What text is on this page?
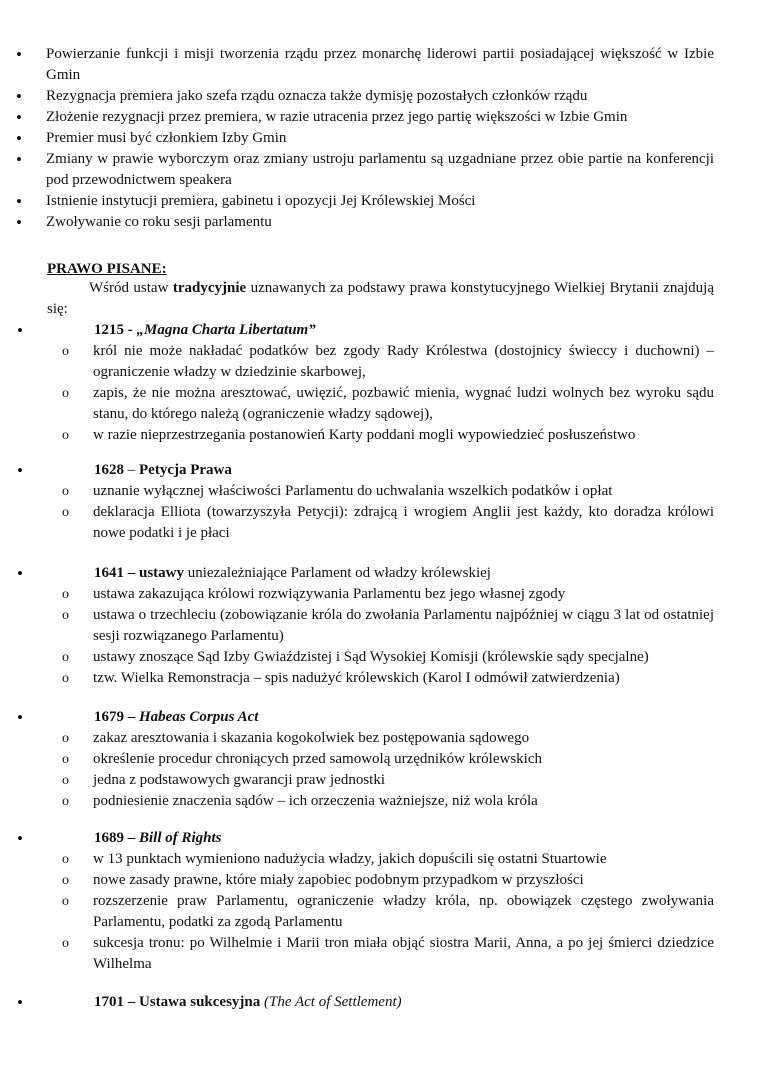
• Powierzanie funkcji i misji tworzenia rządu przez monarchę liderowi partii posiadającej większość w Izbie Gmin
• Rezygnacja premiera jako szefa rządu oznacza także dymisję pozostałych członków rządu
• Złożenie rezygnacji przez premiera, w razie utracenia przez jego partię większości w Izbie Gmin
• Premier musi być członkiem Izby Gmin
• Zmiany w prawie wyborczym oraz zmiany ustroju parlamentu są uzgadniane przez obie partie na konferencji pod przewodnictwem speakera
• Istnienie instytucji premiera, gabinetu i opozycji Jej Królewskiej Mości
• Zwoływanie co roku sesji parlamentu
PRAWO PISANE:
Wśród ustaw tradycyjnie uznawanych za podstawy prawa konstytucyjnego Wielkiej Brytanii znajdują się:
• 1215 - „Magna Charta Libertatum”
o król nie może nakładać podatków bez zgody Rady Królestwa (dostojnicy świeccy i duchowni) – ograniczenie władzy w dziedzinie skarbowej,
o zapis, że nie można aresztować, uwięzić, pozbawić mienia, wygnać ludzi wolnych bez wyroku sądu stanu, do którego należą (ograniczenie władzy sądowej),
o w razie nieprzestrzegania postanowień Karty poddani mogli wypowiedzieć posłuszeństwo
• 1628 – Petycja Prawa
o uznanie wyłącznej właściwości Parlamentu do uchwalania wszelkich podatków i opłat
o deklaracja Elliota (towarzyszyła Petycji): zdrajcą i wrogiem Anglii jest każdy, kto doradza królowi nowe podatki i je płaci
• 1641 – ustawy uniezależniające Parlament od władzy królewskiej
o ustawa zakazująca królowi rozwiązywania Parlamentu bez jego własnej zgody
o ustawa o trzechleciu (zobowiązanie króla do zwołania Parlamentu najpóźniej w ciągu 3 lat od ostatniej sesji rozwiązanego Parlamentu)
o ustawy znoszące Sąd Izby Gwiaździstej i Sąd Wysokiej Komisji (królewskie sądy specjalne)
o tzw. Wielka Remonstracja – spis nadużyć królewskich (Karol I odmówił zatwierdzenia)
• 1679 – Habeas Corpus Act
o zakaz aresztowania i skazania kogokolwiek bez postępowania sądowego
o określenie procedur chroniących przed samowolą urzędników królewskich
o jedna z podstawowych gwarancji praw jednostki
o podniesienie znaczenia sądów – ich orzeczenia ważniejsze, niż wola króla
• 1689 – Bill of Rights
o w 13 punktach wymieniono nadużycia władzy, jakich dopuścili się ostatni Stuartowie
o nowe zasady prawne, które miały zapobiec podobnym przypadkom w przyszłości
o rozszerzenie praw Parlamentu, ograniczenie władzy króla, np. obowiązek częstego zwoływania Parlamentu, podatki za zgodą Parlamentu
o sukcesja tronu: po Wilhelmie i Marii tron miała objąć siostra Marii, Anna, a po jej śmierci dziedzice Wilhelma
• 1701 – Ustawa sukcesyjna (The Act of Settlement)
